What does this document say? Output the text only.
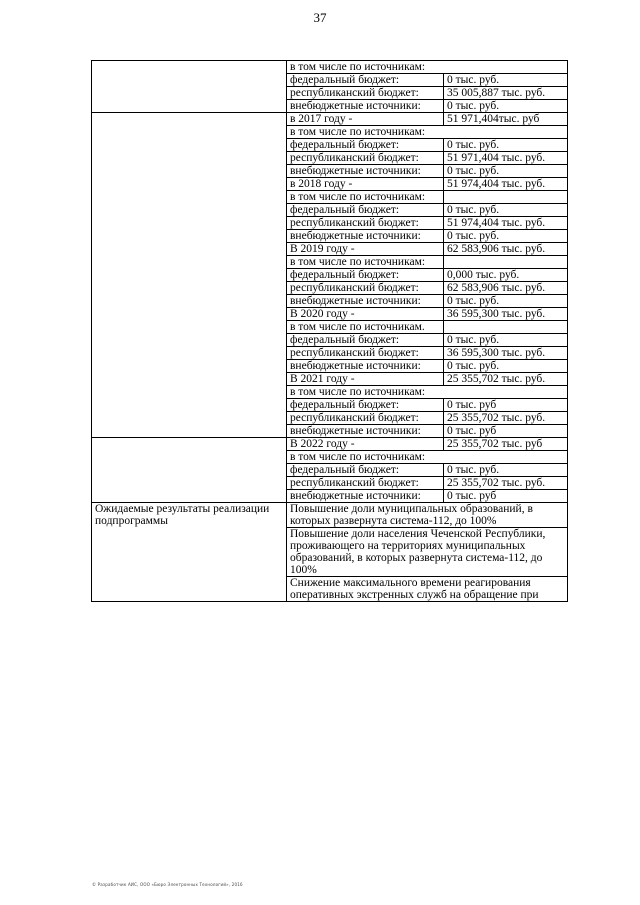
37
	в том числе по источникам:	
	федеральный бюджет:	0 тыс. руб.
	республиканский бюджет:	35 005,887 тыс. руб.
	внебюджетные источники:	0 тыс. руб.
	в 2017 году -	51 971,404тыс. руб
	в том числе по источникам:	
	федеральный бюджет:	0 тыс. руб.
	республиканский бюджет:	51 971,404 тыс. руб.
	внебюджетные источники:	0 тыс. руб.
	в 2018 году -	51 974,404 тыс. руб.
	в том числе по источникам:	
	федеральный бюджет:	0 тыс. руб.
	республиканский бюджет:	51 974,404 тыс. руб.
	внебюджетные источники:	0 тыс. руб.
	В 2019 году -	62 583,906 тыс. руб.
	в том числе по источникам:	
	федеральный бюджет:	0,000 тыс. руб.
	республиканский бюджет:	62 583,906 тыс. руб.
	внебюджетные источники:	0 тыс. руб.
	В 2020 году -	36 595,300 тыс. руб.
	в том числе по источникам.	
	федеральный бюджет:	0 тыс. руб.
	республиканский бюджет:	36 595,300 тыс. руб.
	внебюджетные источники:	0 тыс. руб.
	В 2021 году -	25 355,702 тыс. руб.
	в том числе по источникам:	
	федеральный бюджет:	0 тыс. руб
	республиканский бюджет:	25 355,702 тыс. руб.
	внебюджетные источники:	0 тыс. руб
	В 2022 году -	25 355,702 тыс. руб
	в том числе по источникам:	
	федеральный бюджет:	0 тыс. руб.
	республиканский бюджет:	25 355,702 тыс. руб.
	внебюджетные источники:	0 тыс. руб
Ожидаемые результаты реализации подпрограммы	Повышение доли муниципальных образований, в которых развернута система-112, до 100%	
	Повышение доли населения Чеченской Республики, проживающего на территориях муниципальных образований, в которых развернута система-112, до 100%	
	Снижение максимального времени реагирования оперативных экстренных служб на обращение при	
© Разработчик АИС, ООО «Бюро Электронных Технологий», 2016
